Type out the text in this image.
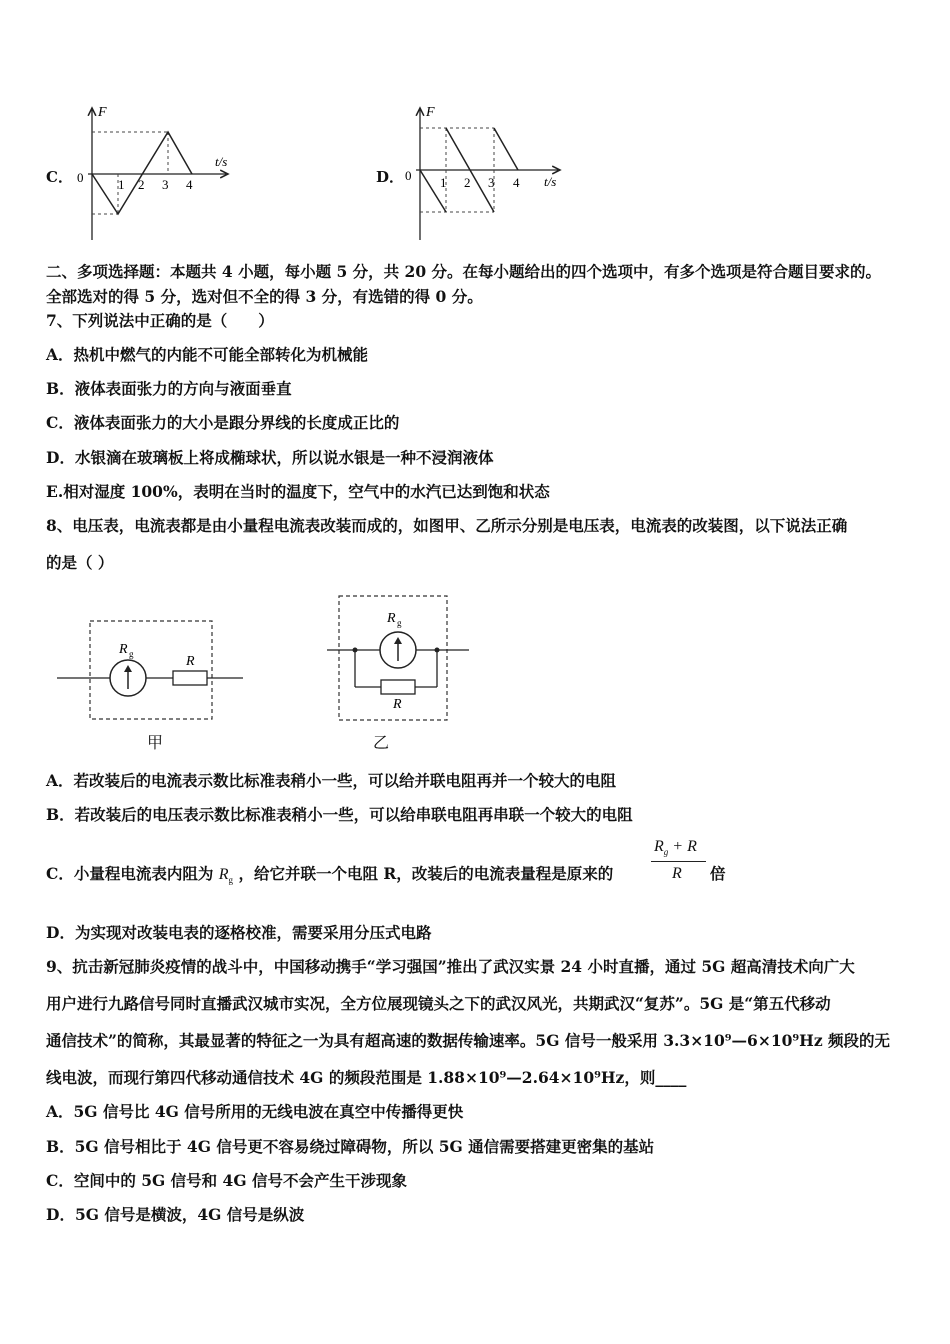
C．
F
t/s
0	1 2 3 4	D．
F
t/s
0 1 2 3 4
二、多项选择题：本题共 4 小题，每小题 5 分，共 20 分。在每小题给出的四个选项中，有多个选项是符合题目要求的。
全部选对的得 5 分，选对但不全的得 3 分，有选错的得 0 分。
7、下列说法中正确的是（　　）
A．热机中燃气的内能不可能全部转化为机械能
B．液体表面张力的方向与液面垂直
C．液体表面张力的大小是跟分界线的长度成正比的
D．水银滴在玻璃板上将成椭球状，所以说水银是一种不浸润液体
E.相对湿度 100%，表明在当时的温度下，空气中的水汽已达到饱和状态
8、电压表，电流表都是由小量程电流表改装而成的，如图甲、乙所示分别是电压表，电流表的改装图，以下说法正确
的是（ ）
R g	R
甲
R g
R
乙
A．若改装后的电流表示数比标准表稍小一些，可以给并联电阻再并一个较大的电阻
B．若改装后的电压表示数比标准表稍小一些，可以给串联电阻再串联一个较大的电阻
C．小量程电流表内阻为 $R_g$ ，给它并联一个电阻 R，改装后的电流表量程是原来的
$R_g + R$
R 倍
D．为实现对改装电表的逐格校准，需要采用分压式电路
9、抗击新冠肺炎疫情的战斗中，中国移动携手“学习强国”推出了武汉实景 24 小时直播，通过 5G 超高清技术向广大
用户进行九路信号同时直播武汉城市实况，全方位展现镜头之下的武汉风光，共期武汉“复苏”。5G 是“第五代移动
通信技术”的简称，其最显著的特征之一为具有超高速的数据传输速率。5G 信号一般采用 3.3×10⁹—6×10⁹Hz 频段的无
线电波，而现行第四代移动通信技术 4G 的频段范围是 1.88×10⁹—2.64×10⁹Hz，则____
A．5G 信号比 4G 信号所用的无线电波在真空中传播得更快
B．5G 信号相比于 4G 信号更不容易绕过障碍物，所以 5G 通信需要搭建更密集的基站
C．空间中的 5G 信号和 4G 信号不会产生干涉现象
D．5G 信号是横波，4G 信号是纵波
